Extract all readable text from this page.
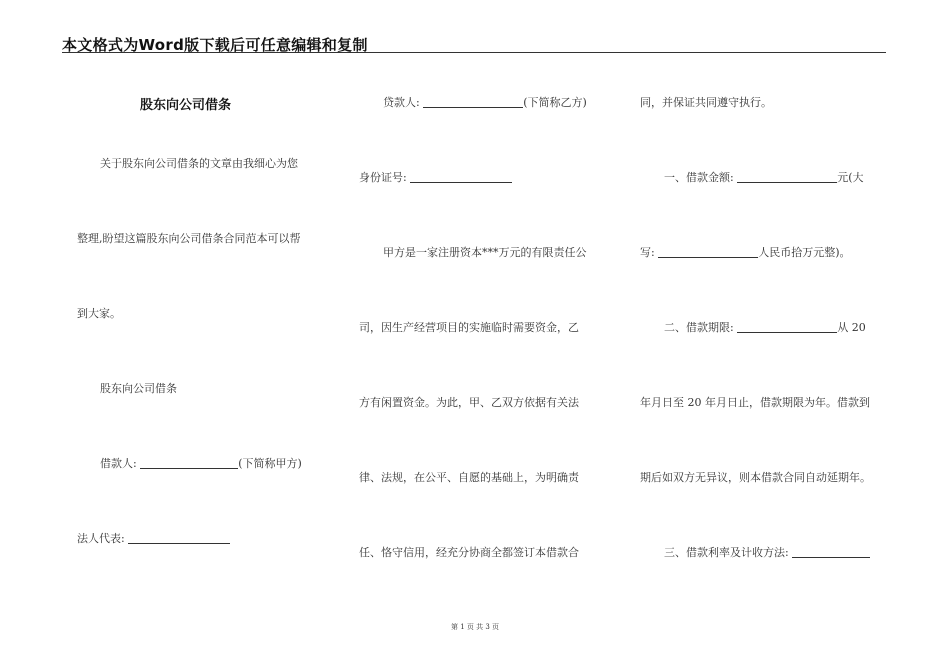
本文格式为Word版下载后可任意编辑和复制
股东向公司借条
关于股东向公司借条的文章由我细心为您
整理,盼望这篇股东向公司借条合同范本可以帮
到大家。
股东向公司借条
借款人:	(下简称甲方)
法人代表:
贷款人:	(下简称乙方)
身份证号:
甲方是一家注册资本***万元的有限责任公
司，因生产经营项目的实施临时需要资金，乙
方有闲置资金。为此，甲、乙双方依据有关法
律、法规，在公平、自愿的基础上，为明确责
任、恪守信用，经充分协商全都签订本借款合
同，并保证共同遵守执行。
一、借款金额:	元(大
写:	人民币拾万元整)。
二、借款期限:	从 20
年月日至 20 年月日止，借款期限为年。借款到
期后如双方无异议，则本借款合同自动延期年。
三、借款利率及计收方法:
第 1 页 共 3 页
